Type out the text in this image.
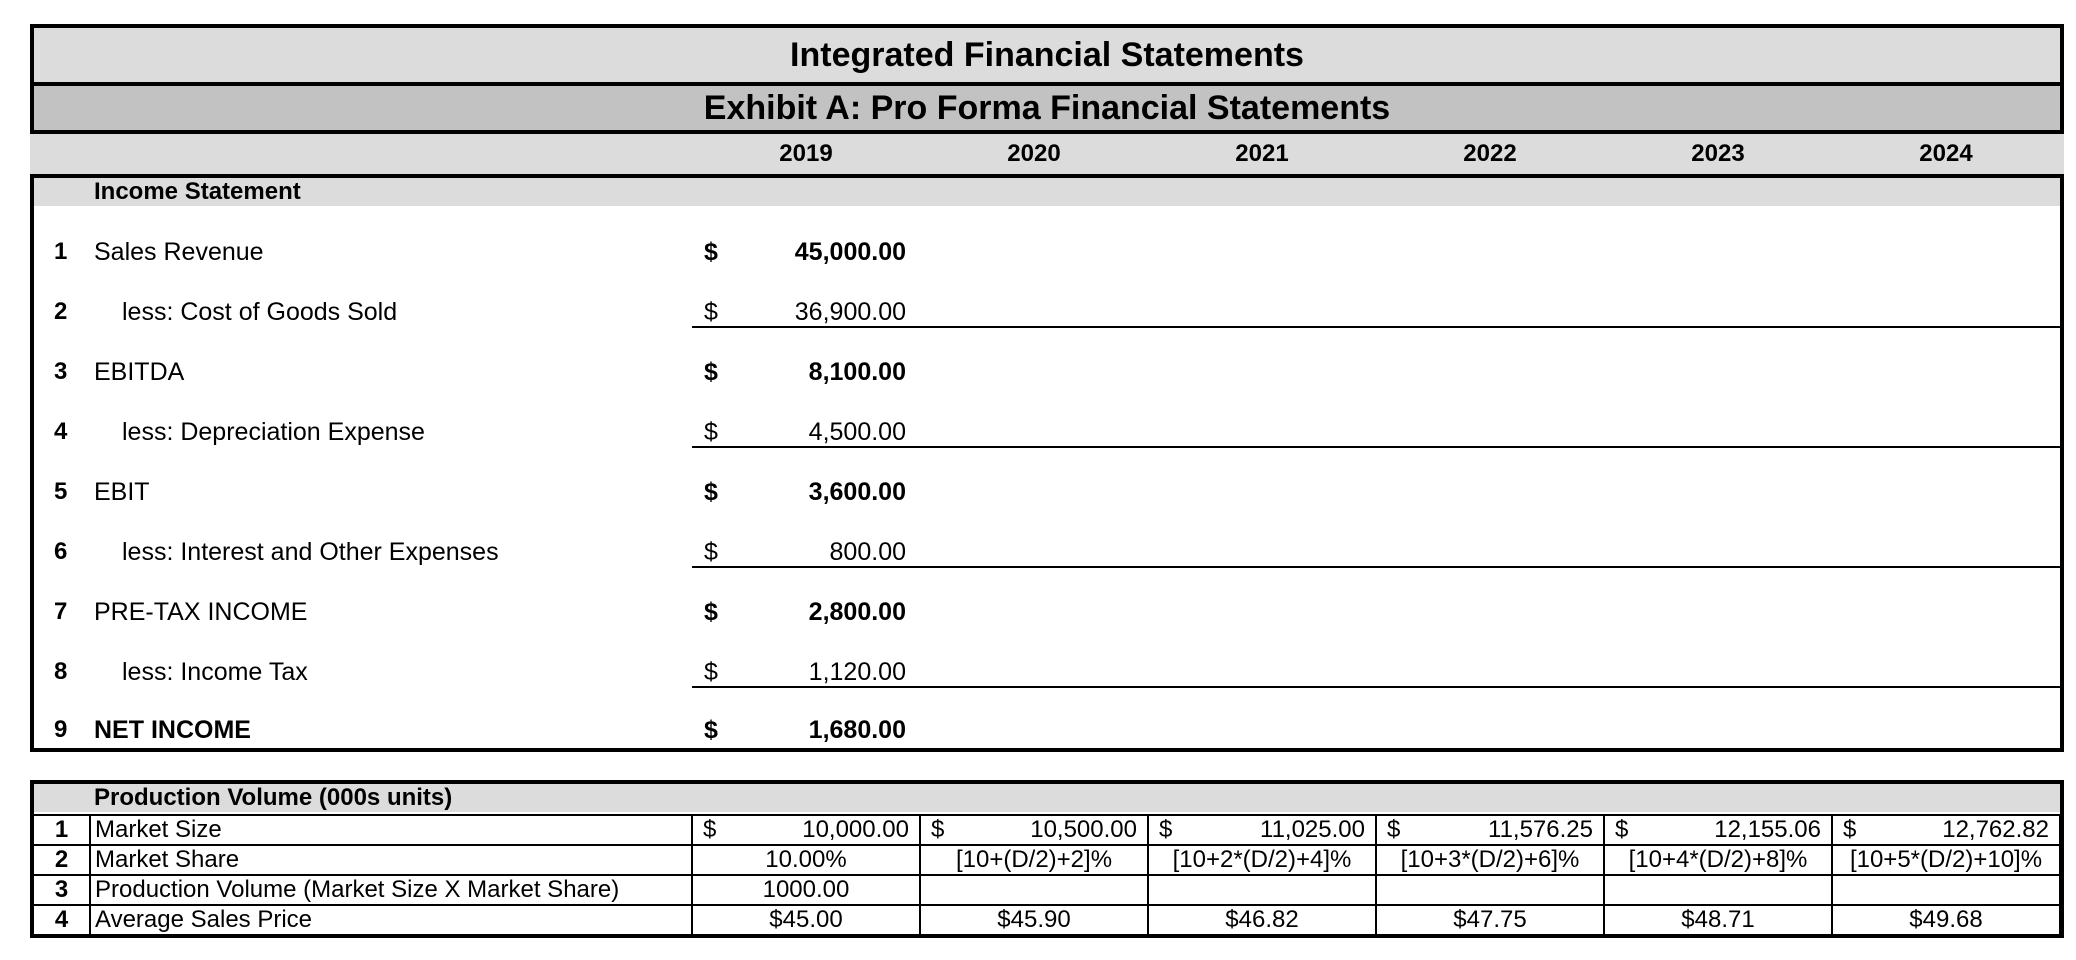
Integrated Financial Statements
Exhibit A: Pro Forma Financial Statements
2019	2020	2021	2022	2023	2024
Income Statement
1 Sales Revenue	$	45,000.00
2 less: Cost of Goods Sold	$	36,900.00
3 EBITDA	$	8,100.00
4 less: Depreciation Expense	$	4,500.00
5 EBIT	$	3,600.00
6 less: Interest and Other Expenses	$	800.00
7 PRE-TAX INCOME	$	2,800.00
8 less: Income Tax	$	1,120.00
9 NET INCOME	$	1,680.00
Production Volume (000s units)
1	Market Size	$ 10,000.00	$ 10,500.00	$ 11,025.00	$ 11,576.25	$ 12,155.06	$ 12,762.82

2	Market Share	10.00%	[10+(D/2)+2]%	[10+2*(D/2)+4]%	[10+3*(D/2)+6]%	[10+4*(D/2)+8]%	[10+5*(D/2)+10]%
3	Production Volume (Market Size X Market Share)	1000.00					
4	Average Sales Price	$45.00	$45.90	$46.82	$47.75	$48.71	$49.68
